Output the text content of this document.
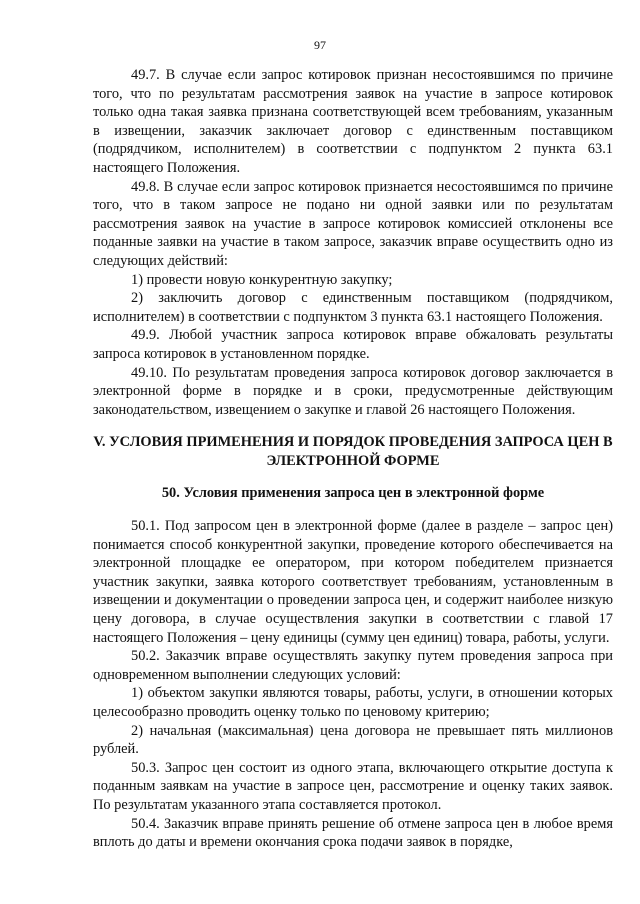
97

49.7. В случае если запрос котировок признан несостоявшимся по причине того, что по результатам рассмотрения заявок на участие в запросе котировок только одна такая заявка признана соответствующей всем требованиям, указанным в извещении, заказчик заключает договор с единственным поставщиком (подрядчиком, исполнителем) в соответствии с подпунктом 2 пункта 63.1 настоящего Положения.

49.8. В случае если запрос котировок признается несостоявшимся по причине того, что в таком запросе не подано ни одной заявки или по результатам рассмотрения заявок на участие в запросе котировок комиссией отклонены все поданные заявки на участие в таком запросе, заказчик вправе осуществить одно из следующих действий:

1) провести новую конкурентную закупку;

2) заключить договор с единственным поставщиком (подрядчиком, исполнителем) в соответствии с подпунктом 3 пункта 63.1 настоящего Положения.

49.9. Любой участник запроса котировок вправе обжаловать результаты запроса котировок в установленном порядке.

49.10. По результатам проведения запроса котировок договор заключается в электронной форме в порядке и в сроки, предусмотренные действующим законодательством, извещением о закупке и главой 26 настоящего Положения.

V. УСЛОВИЯ ПРИМЕНЕНИЯ И ПОРЯДОК ПРОВЕДЕНИЯ ЗАПРОСА ЦЕН В ЭЛЕКТРОННОЙ ФОРМЕ

50. Условия применения запроса цен в электронной форме

50.1. Под запросом цен в электронной форме (далее в разделе – запрос цен) понимается способ конкурентной закупки, проведение которого обеспечивается на электронной площадке ее оператором, при котором победителем признается участник закупки, заявка которого соответствует требованиям, установленным в извещении и документации о проведении запроса цен, и содержит наиболее низкую цену договора, в случае осуществления закупки в соответствии с главой 17 настоящего Положения – цену единицы (сумму цен единиц) товара, работы, услуги.

50.2. Заказчик вправе осуществлять закупку путем проведения запроса при одновременном выполнении следующих условий:

1) объектом закупки являются товары, работы, услуги, в отношении которых целесообразно проводить оценку только по ценовому критерию;

2) начальная (максимальная) цена договора не превышает пять миллионов рублей.

50.3. Запрос цен состоит из одного этапа, включающего открытие доступа к поданным заявкам на участие в запросе цен, рассмотрение и оценку таких заявок. По результатам указанного этапа составляется протокол.

50.4. Заказчик вправе принять решение об отмене запроса цен в любое время вплоть до даты и времени окончания срока подачи заявок в порядке,
